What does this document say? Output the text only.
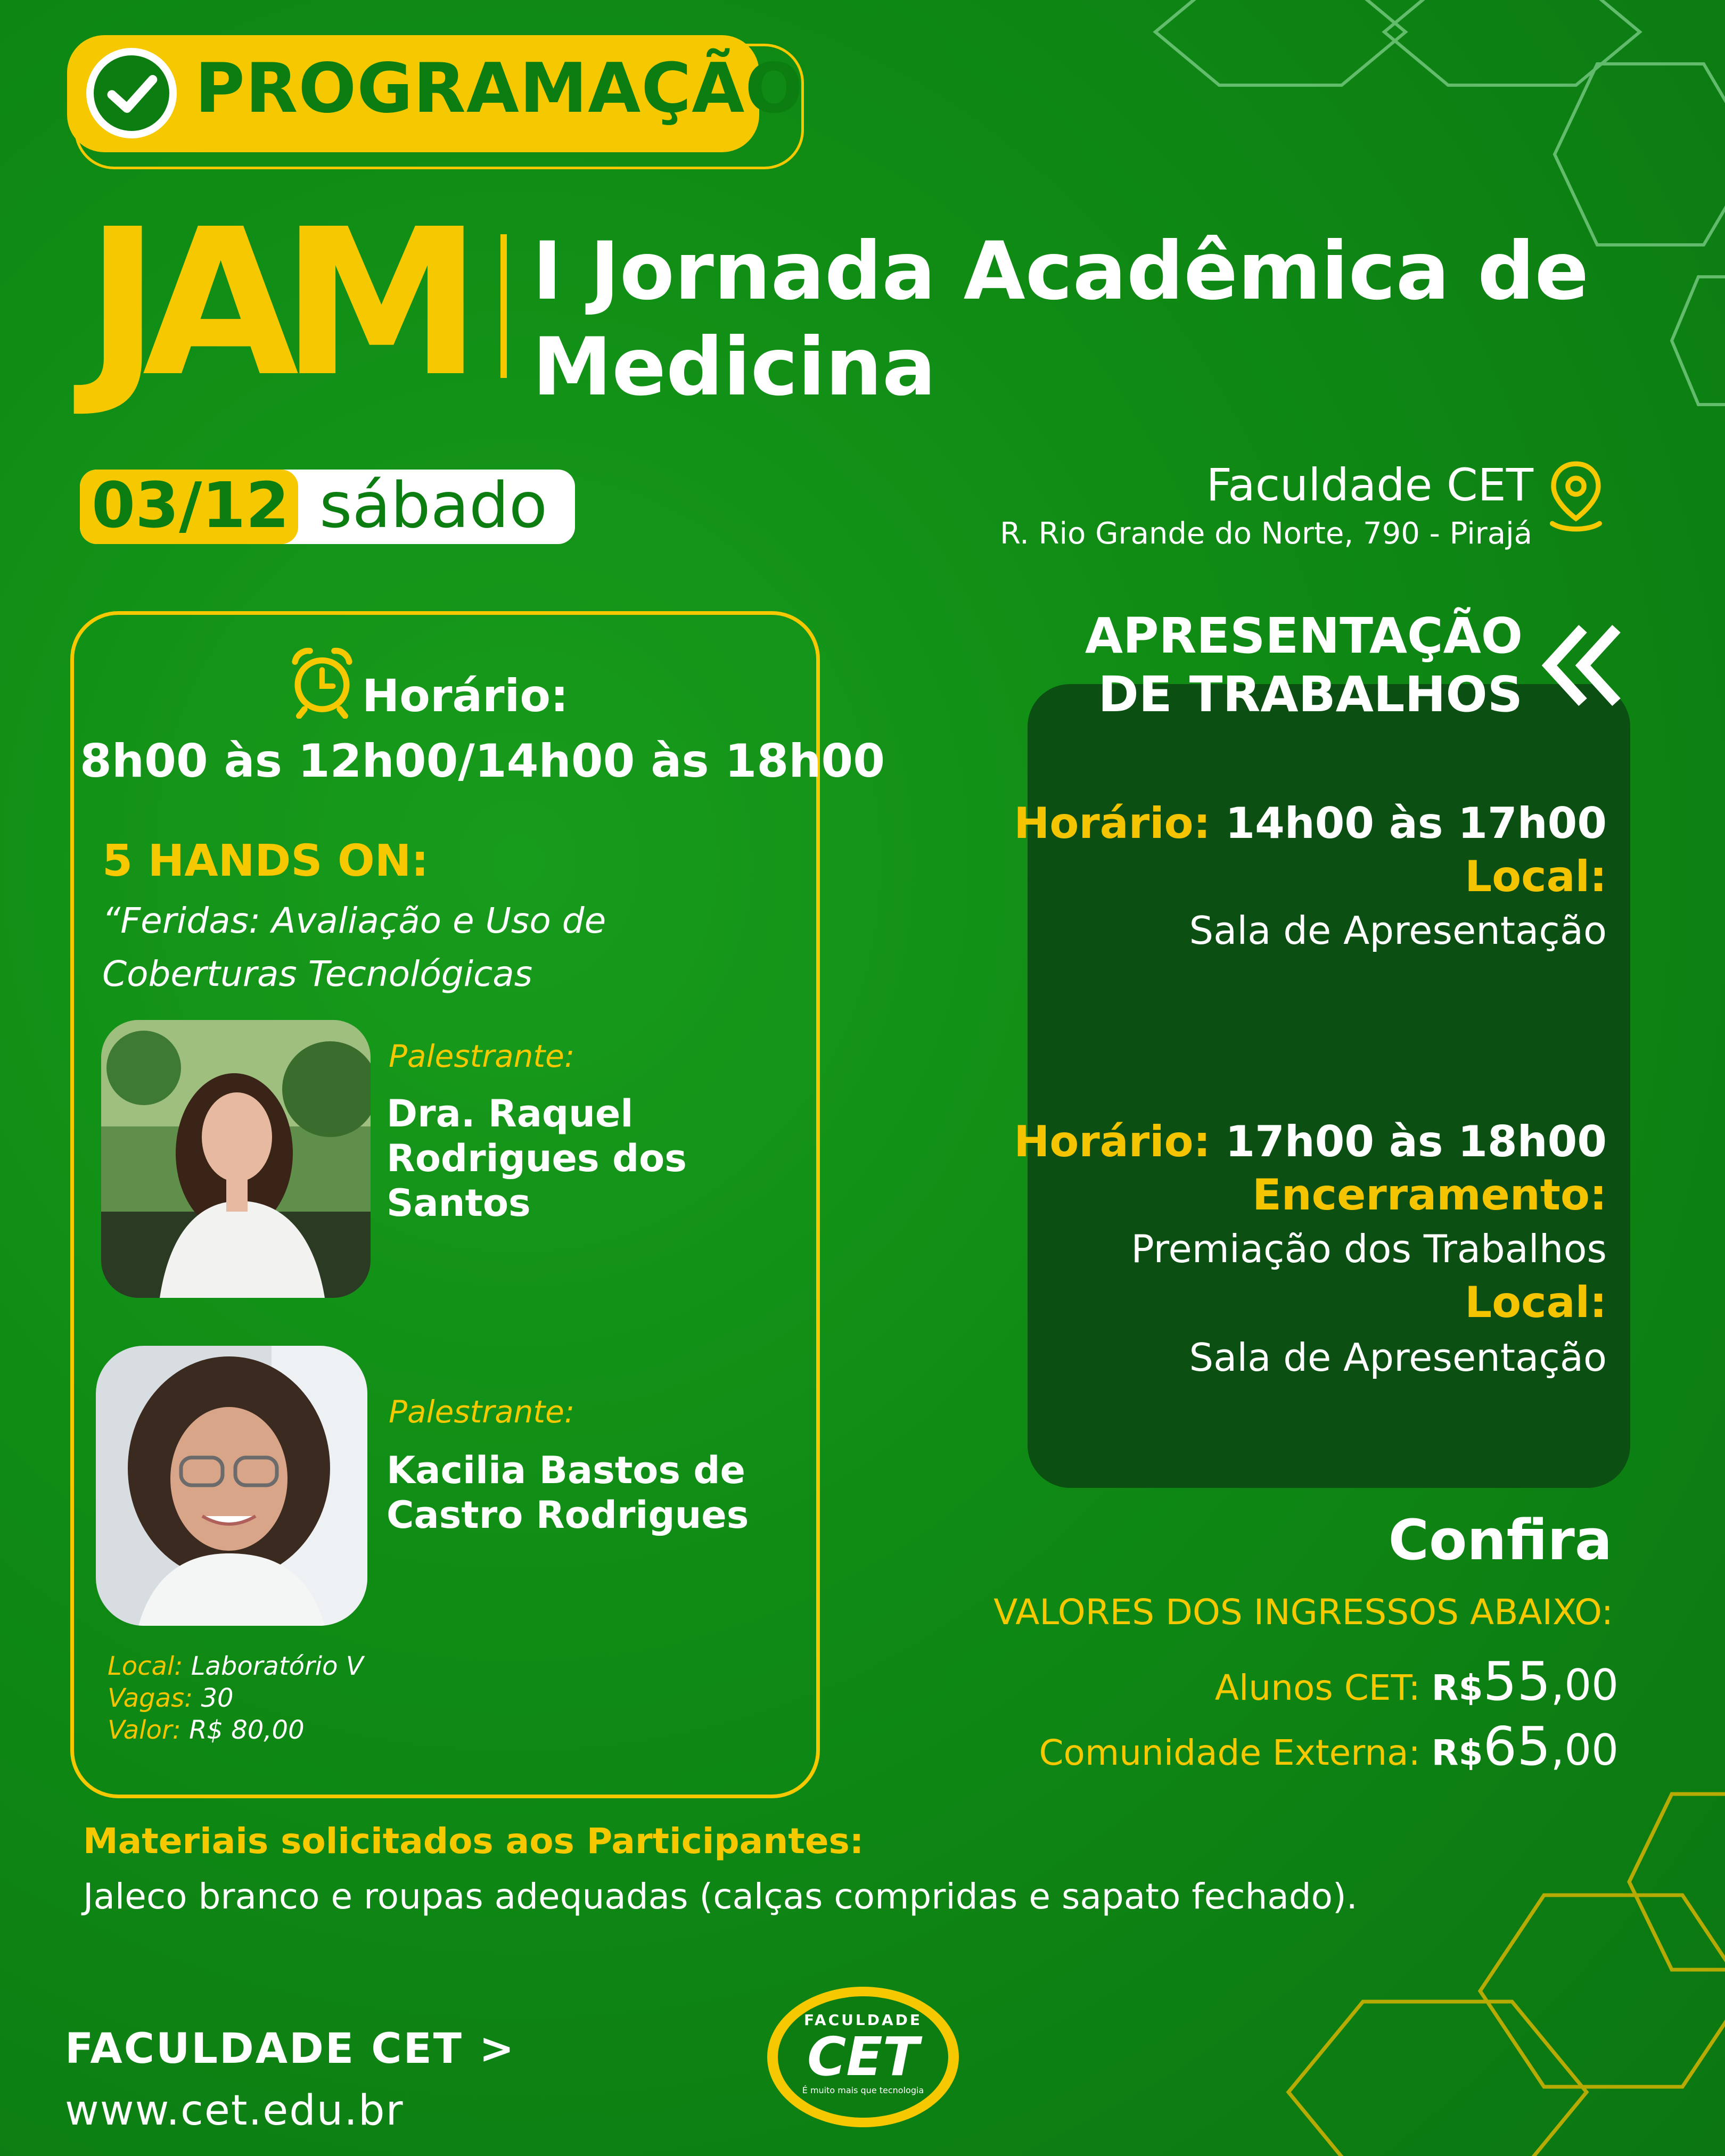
PROGRAMAÇÃO
JAM I Jornada Acadêmica de Medicina
03/12 sábado	Faculdade CET
R. Rio Grande do Norte, 790 - Pirajá
Horário:
8h00 às 12h00/14h00 às 18h00
5 HANDS ON:
“Feridas: Avaliação e Uso de Coberturas Tecnológicas
Palestrante:
Dra. Raquel Rodrigues dos Santos
Palestrante:
Kacilia Bastos de Castro Rodrigues
Local: Laboratório V
Vagas: 30
Valor: R$ 80,00
APRESENTAÇÃO
DE TRABALHOS
Horário: 14h00 às 17h00
Local:
Sala de Apresentação
Horário: 17h00 às 18h00
Encerramento:
Premiação dos Trabalhos
Local:
Sala de Apresentação
Confira
VALORES DOS INGRESSOS ABAIXO:
Alunos CET: R$55,00
Comunidade Externa: R$65,00
Materiais solicitados aos Participantes:
Jaleco branco e roupas adequadas (calças compridas e sapato fechado).
FACULDADE CET >
www.cet.edu.br
FACULDADE
CET
É muito mais que tecnologia
